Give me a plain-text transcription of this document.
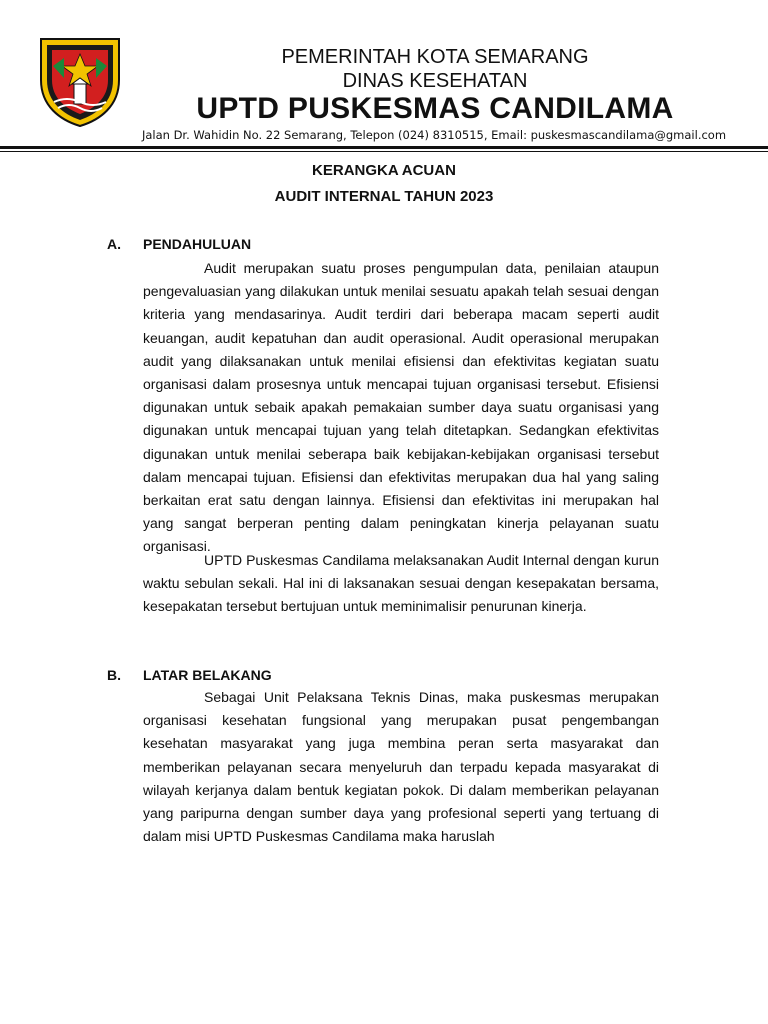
PEMERINTAH KOTA SEMARANG
DINAS KESEHATAN
UPTD PUSKESMAS CANDILAMA

Jalan Dr. Wahidin No. 22 Semarang, Telepon (024) 8310515, Email: puskesmascandilama@gmail.com

KERANGKA ACUAN
AUDIT INTERNAL TAHUN 2023
A. PENDAHULUAN

Audit merupakan suatu proses pengumpulan data, penilaian ataupun pengevaluasian yang dilakukan untuk menilai sesuatu apakah telah sesuai dengan kriteria yang mendasarinya. Audit terdiri dari beberapa macam seperti audit keuangan, audit kepatuhan dan audit operasional. Audit operasional merupakan audit yang dilaksanakan untuk menilai efisiensi dan efektivitas kegiatan suatu organisasi dalam prosesnya untuk mencapai tujuan organisasi tersebut. Efisiensi digunakan untuk sebaik apakah pemakaian sumber daya suatu organisasi yang digunakan untuk mencapai tujuan yang telah ditetapkan. Sedangkan efektivitas digunakan untuk menilai seberapa baik kebijakan-kebijakan organisasi tersebut dalam mencapai tujuan. Efisiensi dan efektivitas merupakan dua hal yang saling berkaitan erat satu dengan lainnya. Efisiensi dan efektivitas ini merupakan hal yang sangat berperan penting dalam peningkatan kinerja pelayanan suatu organisasi.

UPTD Puskesmas Candilama melaksanakan Audit Internal dengan kurun waktu sebulan sekali. Hal ini di laksanakan sesuai dengan kesepakatan bersama, kesepakatan tersebut bertujuan untuk meminimalisir penurunan kinerja.

B. LATAR BELAKANG

Sebagai Unit Pelaksana Teknis Dinas, maka puskesmas merupakan organisasi kesehatan fungsional yang merupakan pusat pengembangan kesehatan masyarakat yang juga membina peran serta masyarakat dan memberikan pelayanan secara menyeluruh dan terpadu kepada masyarakat di wilayah kerjanya dalam bentuk kegiatan pokok. Di dalam memberikan pelayanan yang paripurna dengan sumber daya yang profesional seperti yang tertuang di dalam misi UPTD Puskesmas Candilama maka haruslah
